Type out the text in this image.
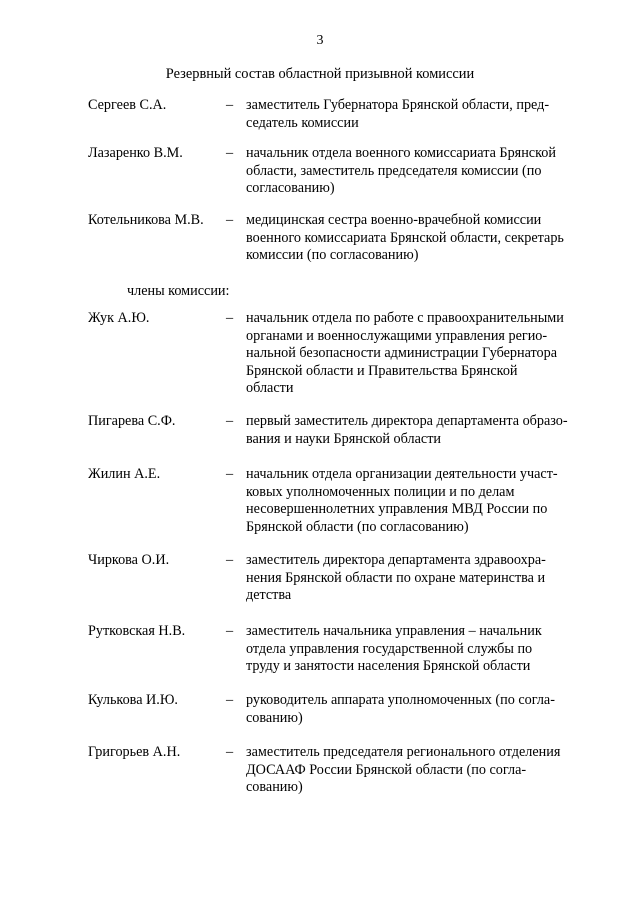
3
Резервный состав областной призывной комиссии
Сергеев С.А.	– заместитель Губернатора Брянской области, пред-
седатель комиссии
Лазаренко В.М.	– начальник отдела военного комиссариата Брянской
области, заместитель председателя комиссии (по
согласованию)
Котельникова М.В. – медицинская сестра военно-врачебной комиссии
военного комиссариата Брянской области, секретарь
комиссии (по согласованию)
члены комиссии:
Жук А.Ю.	– начальник отдела по работе с правоохранительными
органами и военнослужащими управления регио-
нальной безопасности администрации Губернатора
Брянской области и Правительства Брянской
области
Пигарева С.Ф.	– первый заместитель директора департамента образо-
вания и науки Брянской области
Жилин А.Е.	– начальник отдела организации деятельности участ-
ковых уполномоченных полиции и по делам
несовершеннолетних управления МВД России по
Брянской области (по согласованию)
Чиркова О.И.	– заместитель директора департамента здравоохра-
нения Брянской области по охране материнства и
детства
Рутковская Н.В.	– заместитель начальника управления – начальник
отдела управления государственной службы по
труду и занятости населения Брянской области
Кулькова И.Ю.	– руководитель аппарата уполномоченных (по согла-
сованию)
Григорьев А.Н.	– заместитель председателя регионального отделения
ДОСААФ России Брянской области (по согла-
сованию)
